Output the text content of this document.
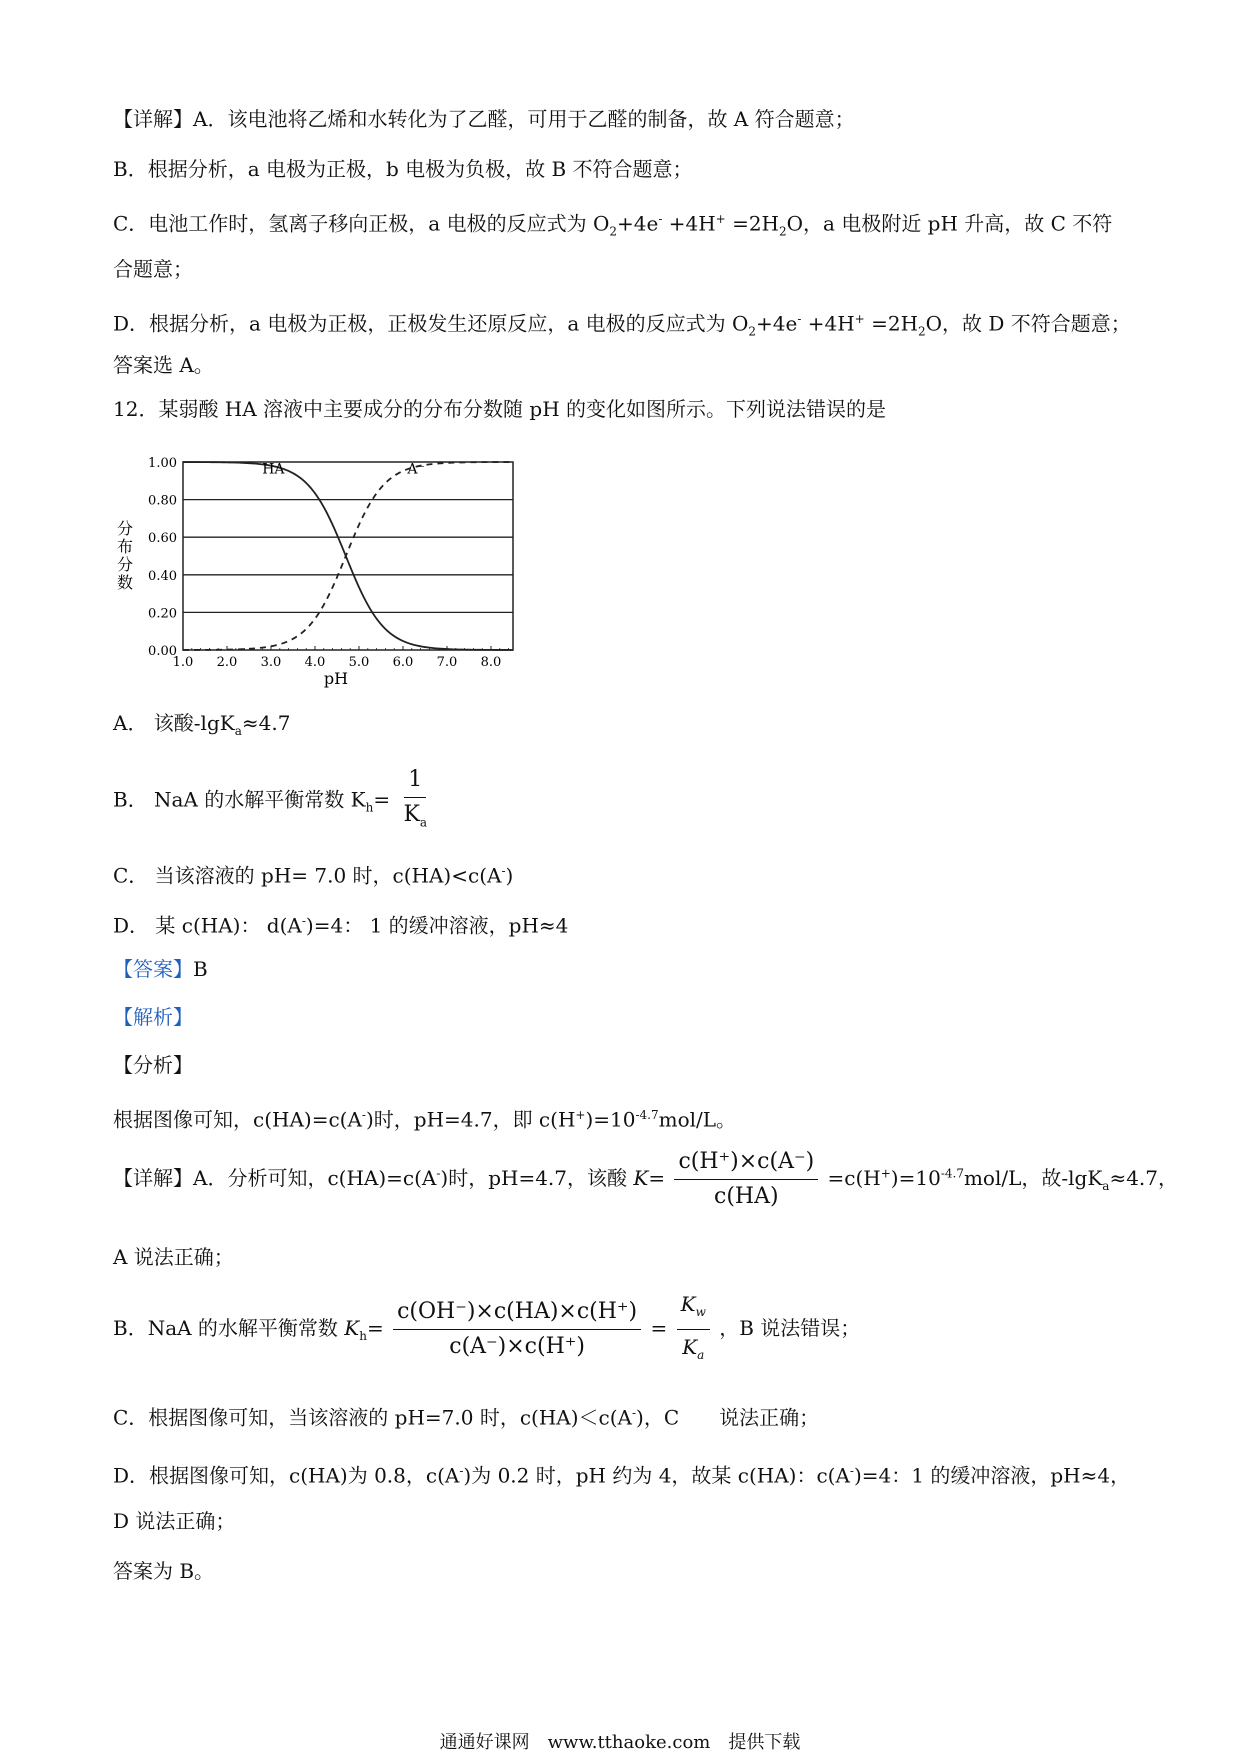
【详解】A．该电池将乙烯和水转化为了乙醛，可用于乙醛的制备，故 A 符合题意；
B．根据分析，a 电极为正极，b 电极为负极，故 B 不符合题意；
C．电池工作时，氢离子移向正极，a 电极的反应式为 $O_2+4e^- +4H^+ =2H_2O$，a 电极附近 pH 升高，故 C 不符
合题意；
D．根据分析，a 电极为正极，正极发生还原反应，a 电极的反应式为 $O_2+4e^- +4H^+ =2H_2O$，故 D 不符合题意；
答案选 A。
12．某弱酸 HA 溶液中主要成分的分布分数随 pH 的变化如图所示。下列说法错误的是
0.00
0.20
0.40
0.60
0.80
1.00
1.0 2.0 3.0 4.0 5.0 6.0 7.0 8.0
HA	A⁻
分
布
分
数
pH
A． 该酸-lgK$_a$≈4.7
B． NaA 的水解平衡常数 $K_h= \frac{1}{K_a}$
C． 当该溶液的 pH= 7.0 时，c(HA)<c(A-)
D． 某 c(HA)： d(A-)=4： 1 的缓冲溶液，pH≈4
【答案】B
【解析】
【分析】
根据图像可知，c(HA)=c(A-)时，pH=4.7，即 $c(H^+)=10^{-4.7}mol/L$。
【详解】A．分析可知，c(HA)=c(A-)时，pH=4.7，该酸 $K= \frac{c(H^+)\times c(A^-)}{c(HA)} =c(H^+)=10^{-4.7}mol/L$，故-lgK$_a$≈4.7，
A 说法正确；
B．NaA 的水解平衡常数 $K_h= \frac{c(OH^-)\times c(HA)\times c(H^+)}{c(A^-)\times c(H^+)} = \frac{K_w}{K_a}$ ，B 说法错误；
C．根据图像可知，当该溶液的 pH=7.0 时，c(HA)＜c(A-)，C　　说法正确；
D．根据图像可知，c(HA)为 0.8，c(A-)为 0.2 时，pH 约为 4，故某 c(HA)：c(A-)=4：1 的缓冲溶液，pH≈4，
D 说法正确；
答案为 B。
通通好课网　www.tthaoke.com　提供下载
